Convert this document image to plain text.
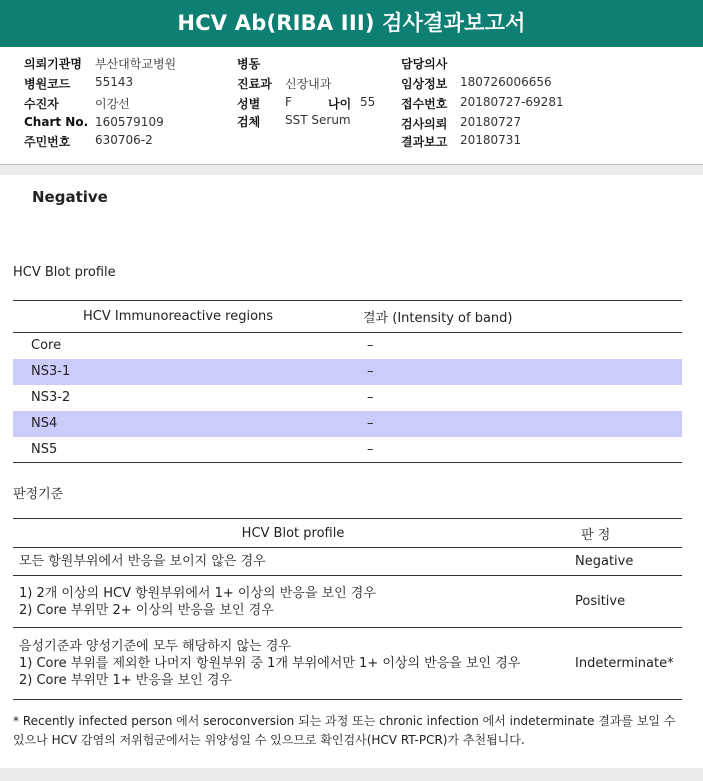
HCV Ab(RIBA III) 검사결과보고서
의뢰기관명 부산대학교병원
병원코드 55143
수진자	이강선
Chart No. 160579109
주민번호 630706-2
병동
진료과 신장내과
성별 F	나이 55
검체 SST Serum
담당의사
임상정보 180726006656
접수번호 20180727-69281
검사의뢰 20180727
결과보고 20180731
Negative
HCV Blot profile
HCV Immunoreactive regions	결과 (Intensity of band)
Core	–
NS3-1	–
NS3-2	–
NS4	–
NS5	–
판정기준
HCV Blot profile	판 정

모든 항원부위에서 반응을 보이지 않은 경우	Negative

1) 2개 이상의 HCV 항원부위에서 1+ 이상의 반응을 보인 경우
2) Core 부위만 2+ 이상의 반응을 보인 경우	Positive

음성기준과 양성기준에 모두 해당하지 않는 경우
1) Core 부위를 제외한 나머지 항원부위 중 1개 부위에서만 1+ 이상의 반응을 보인 경우
2) Core 부위만 1+ 반응을 보인 경우	Indeterminate*
* Recently infected person 에서 seroconversion 되는 과정 또는 chronic infection 에서 indeterminate 결과를 보일 수 있으나 HCV 감염의 저위험군에서는 위양성일 수 있으므로 확인검사(HCV RT-PCR)가 추천됩니다.
